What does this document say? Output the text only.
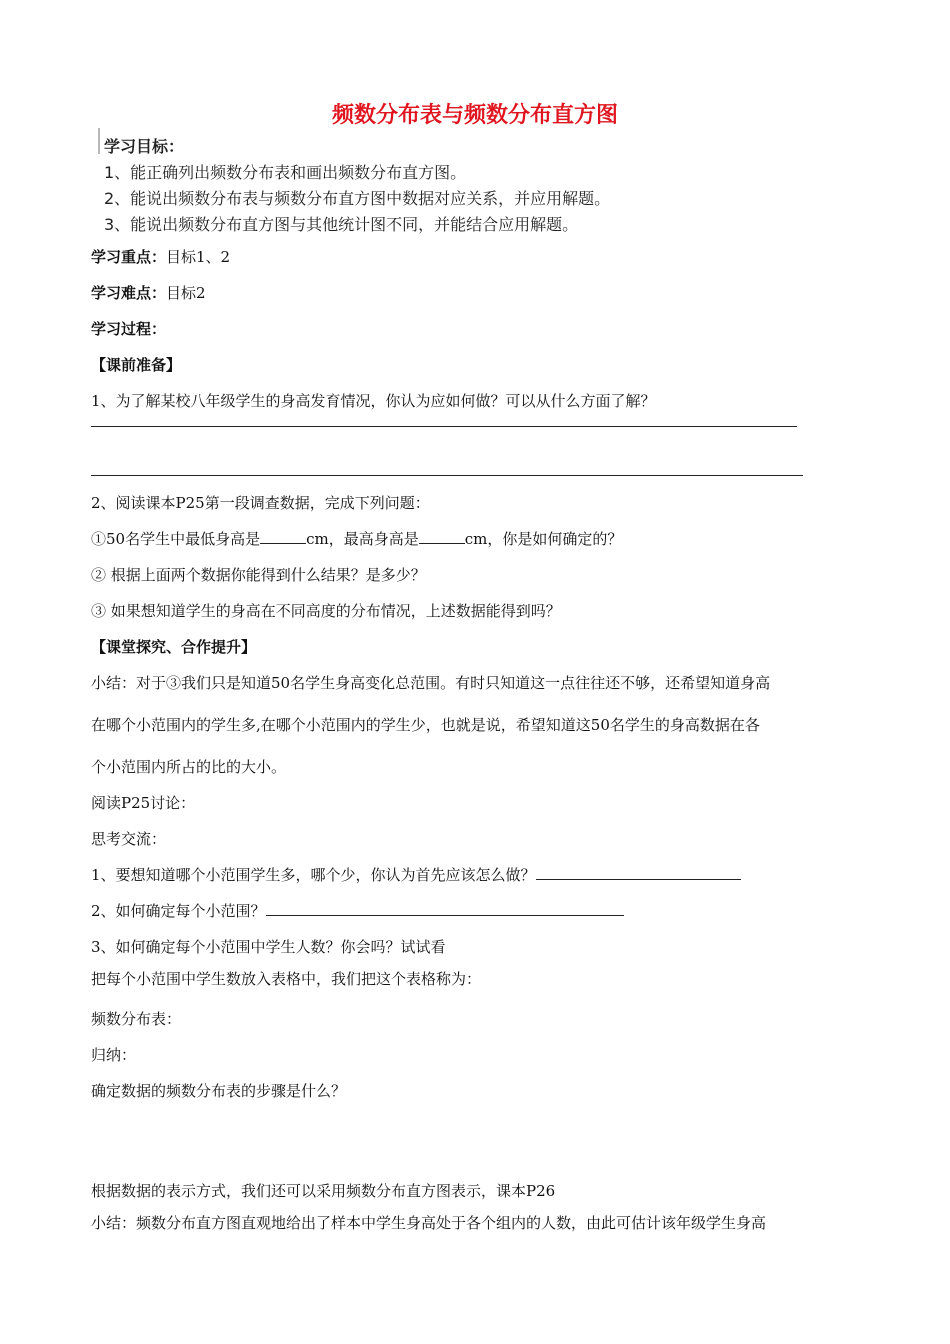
频数分布表与频数分布直方图
学习目标：
1、能正确列出频数分布表和画出频数分布直方图。
2、能说出频数分布表与频数分布直方图中数据对应关系，并应用解题。
3、能说出频数分布直方图与其他统计图不同，并能结合应用解题。
学习重点：目标1、2
学习难点：目标2
学习过程：
【课前准备】
1、为了解某校八年级学生的身高发育情况，你认为应如何做？可以从什么方面了解？
2、阅读课本P25第一段调查数据，完成下列问题：
①50名学生中最低身高是	cm，最高身高是	cm，你是如何确定的？
② 根据上面两个数据你能得到什么结果？是多少？
③ 如果想知道学生的身高在不同高度的分布情况，上述数据能得到吗？
【课堂探究、合作提升】
小结：对于③我们只是知道50名学生身高变化总范围。有时只知道这一点往往还不够，还希望知道身高
在哪个小范围内的学生多,在哪个小范围内的学生少，也就是说，希望知道这50名学生的身高数据在各
个小范围内所占的比的大小。
阅读P25讨论：
思考交流：
1、要想知道哪个小范围学生多，哪个少，你认为首先应该怎么做？
2、如何确定每个小范围？
3、如何确定每个小范围中学生人数？你会吗？试试看
把每个小范围中学生数放入表格中，我们把这个表格称为：
频数分布表：
归纳：
确定数据的频数分布表的步骤是什么？
根据数据的表示方式，我们还可以采用频数分布直方图表示，课本P26
小结：频数分布直方图直观地给出了样本中学生身高处于各个组内的人数，由此可估计该年级学生身高
